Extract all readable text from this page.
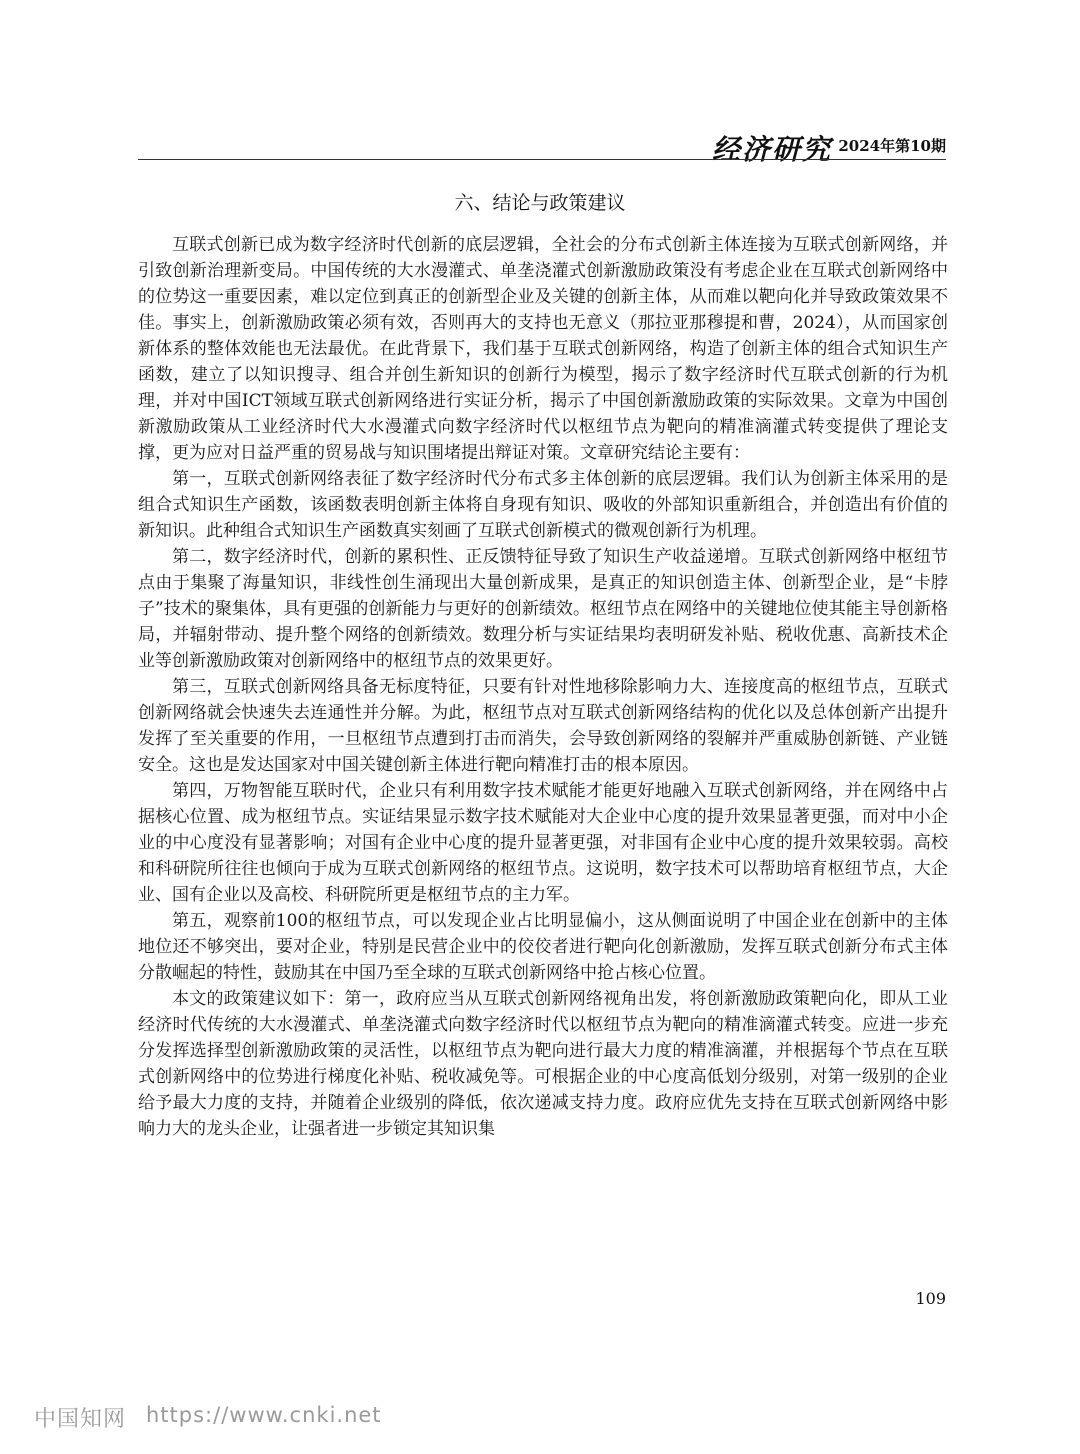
经济研究 2024年第10期
六、结论与政策建议

互联式创新已成为数字经济时代创新的底层逻辑，全社会的分布式创新主体连接为互联式创新网络，并引致创新治理新变局。中国传统的大水漫灌式、单垄浇灌式创新激励政策没有考虑企业在互联式创新网络中的位势这一重要因素，难以定位到真正的创新型企业及关键的创新主体，从而难以靶向化并导致政策效果不佳。事实上，创新激励政策必须有效，否则再大的支持也无意义（那拉亚那穆提和曹，2024），从而国家创新体系的整体效能也无法最优。在此背景下，我们基于互联式创新网络，构造了创新主体的组合式知识生产函数，建立了以知识搜寻、组合并创生新知识的创新行为模型，揭示了数字经济时代互联式创新的行为机理，并对中国ICT领域互联式创新网络进行实证分析，揭示了中国创新激励政策的实际效果。文章为中国创新激励政策从工业经济时代大水漫灌式向数字经济时代以枢纽节点为靶向的精准滴灌式转变提供了理论支撑，更为应对日益严重的贸易战与知识围堵提出辩证对策。文章研究结论主要有：

第一，互联式创新网络表征了数字经济时代分布式多主体创新的底层逻辑。我们认为创新主体采用的是组合式知识生产函数，该函数表明创新主体将自身现有知识、吸收的外部知识重新组合，并创造出有价值的新知识。此种组合式知识生产函数真实刻画了互联式创新模式的微观创新行为机理。

第二，数字经济时代，创新的累积性、正反馈特征导致了知识生产收益递增。互联式创新网络中枢纽节点由于集聚了海量知识，非线性创生涌现出大量创新成果，是真正的知识创造主体、创新型企业，是“卡脖子”技术的聚集体，具有更强的创新能力与更好的创新绩效。枢纽节点在网络中的关键地位使其能主导创新格局，并辐射带动、提升整个网络的创新绩效。数理分析与实证结果均表明研发补贴、税收优惠、高新技术企业等创新激励政策对创新网络中的枢纽节点的效果更好。

第三，互联式创新网络具备无标度特征，只要有针对性地移除影响力大、连接度高的枢纽节点，互联式创新网络就会快速失去连通性并分解。为此，枢纽节点对互联式创新网络结构的优化以及总体创新产出提升发挥了至关重要的作用，一旦枢纽节点遭到打击而消失，会导致创新网络的裂解并严重威胁创新链、产业链安全。这也是发达国家对中国关键创新主体进行靶向精准打击的根本原因。

第四，万物智能互联时代，企业只有利用数字技术赋能才能更好地融入互联式创新网络，并在网络中占据核心位置、成为枢纽节点。实证结果显示数字技术赋能对大企业中心度的提升效果显著更强，而对中小企业的中心度没有显著影响；对国有企业中心度的提升显著更强，对非国有企业中心度的提升效果较弱。高校和科研院所往往也倾向于成为互联式创新网络的枢纽节点。这说明，数字技术可以帮助培育枢纽节点，大企业、国有企业以及高校、科研院所更是枢纽节点的主力军。

第五，观察前100的枢纽节点，可以发现企业占比明显偏小，这从侧面说明了中国企业在创新中的主体地位还不够突出，要对企业，特别是民营企业中的佼佼者进行靶向化创新激励，发挥互联式创新分布式主体分散崛起的特性，鼓励其在中国乃至全球的互联式创新网络中抢占核心位置。

本文的政策建议如下：第一，政府应当从互联式创新网络视角出发，将创新激励政策靶向化，即从工业经济时代传统的大水漫灌式、单垄浇灌式向数字经济时代以枢纽节点为靶向的精准滴灌式转变。应进一步充分发挥选择型创新激励政策的灵活性，以枢纽节点为靶向进行最大力度的精准滴灌，并根据每个节点在互联式创新网络中的位势进行梯度化补贴、税收减免等。可根据企业的中心度高低划分级别，对第一级别的企业给予最大力度的支持，并随着企业级别的降低，依次递减支持力度。政府应优先支持在互联式创新网络中影响力大的龙头企业，让强者进一步锁定其知识集

109
中国知网 https://www.cnki.net
